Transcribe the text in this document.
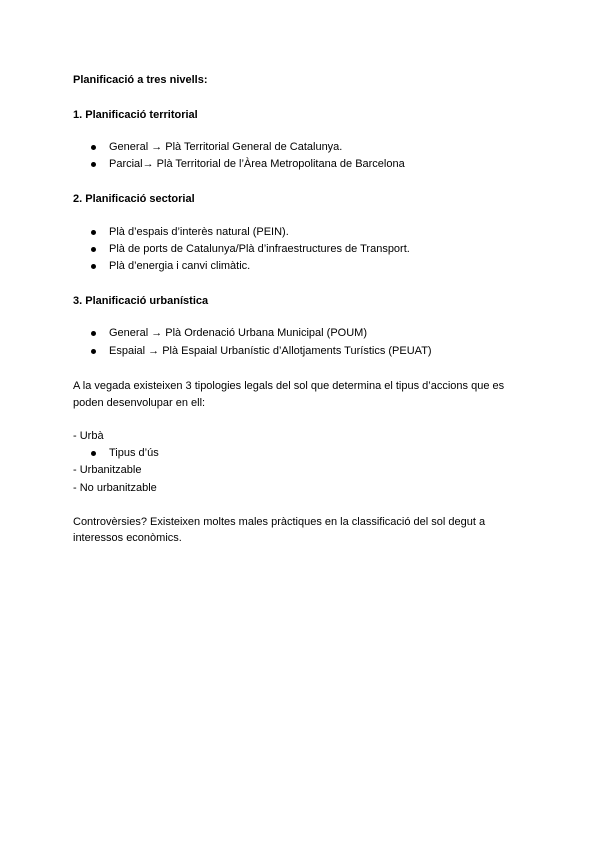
Planificació a tres nivells:
1. Planificació territorial
General → Plà Territorial General de Catalunya.
Parcial→ Plà Territorial de l’Àrea Metropolitana de Barcelona
2. Planificació sectorial
Plà d’espais d’interès natural (PEIN).
Plà de ports de Catalunya/Plà d’infraestructures de Transport.
Plà d’energia i canvi climàtic.
3. Planificació urbanística
General → Plà Ordenació Urbana Municipal (POUM)
Espaial → Plà Espaial Urbanístic d’Allotjaments Turístics (PEUAT)
A la vegada existeixen 3 tipologies legals del sol que determina el tipus d’accions que es
poden desenvolupar en ell:
- Urbà
Tipus d’ús
- Urbanitzable
- No urbanitzable
Controvèrsies? Existeixen moltes males pràctiques en la classificació del sol degut a
interessos econòmics.
